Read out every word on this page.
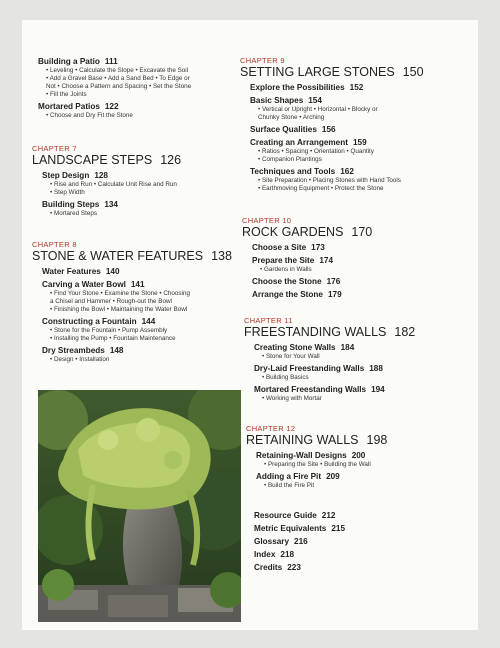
Building a Patio 111
• Leveling • Calculate the Slope • Excavate the Soil
• Add a Gravel Base • Add a Sand Bed • To Edge or
Not • Choose a Pattern and Spacing • Set the Stone
• Fill the Joints
Mortared Patios 122
• Choose and Dry Fit the Stone
CHAPTER 7
LANDSCAPE STEPS 126
Step Design 128
• Rise and Run • Calculate Unit Rise and Run
• Step Width
Building Steps 134
• Mortared Steps
CHAPTER 8
STONE & WATER FEATURES 138
Water Features 140
Carving a Water Bowl 141
• Find Your Stone • Examine the Stone • Choosing
a Chisel and Hammer • Rough-out the Bowl
• Finishing the Bowl • Maintaining the Water Bowl
Constructing a Fountain 144
• Stone for the Fountain • Pump Assembly
• Installing the Pump • Fountain Maintenance
Dry Streambeds 148
• Design • Installation
CHAPTER 9
SETTING LARGE STONES 150
Explore the Possibilities 152
Basic Shapes 154
• Vertical or Upright • Horizontal • Blocky or
Chunky Stone • Arching
Surface Qualities 156
Creating an Arrangement 159
• Ratios • Spacing • Orientation • Quantity
• Companion Plantings
Techniques and Tools 162
• Site Preparation • Placing Stones with Hand Tools
• Earthmoving Equipment • Protect the Stone
CHAPTER 10
ROCK GARDENS 170
Choose a Site 173
Prepare the Site 174
• Gardens in Walls
Choose the Stone 176
Arrange the Stone 179
CHAPTER 11
FREESTANDING WALLS 182
Creating Stone Walls 184
• Stone for Your Wall
Dry-Laid Freestanding Walls 188
• Building Basics
Mortared Freestanding Walls 194
• Working with Mortar
CHAPTER 12
RETAINING WALLS 198
Retaining-Wall Designs 200
• Preparing the Site • Building the Wall
Adding a Fire Pit 209
• Build the Fire Pit
Resource Guide 212
Metric Equivalents 215
Glossary 216
Index 218
Credits 223
